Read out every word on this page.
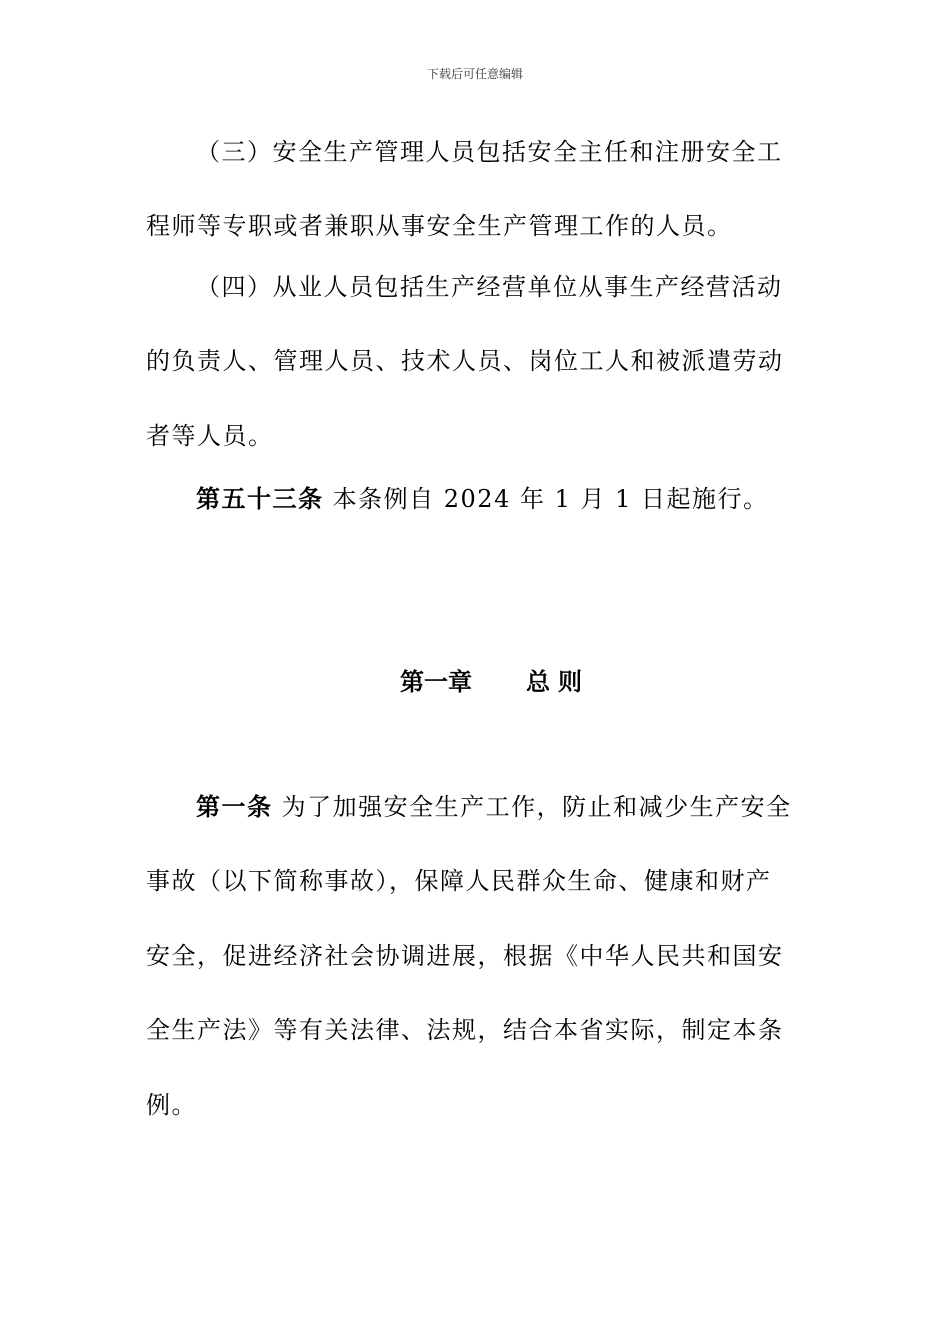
下载后可任意编辑
（三）安全生产管理人员包括安全主任和注册安全工
程师等专职或者兼职从事安全生产管理工作的人员。
（四）从业人员包括生产经营单位从事生产经营活动
的负责人、管理人员、技术人员、岗位工人和被派遣劳动
者等人员。
第五十三条 本条例自 2024 年 1 月 1 日起施行。
第一章 总则
第一条 为了加强安全生产工作，防止和减少生产安全
事故（以下简称事故），保障人民群众生命、健康和财产
安全，促进经济社会协调进展，根据《中华人民共和国安
全生产法》等有关法律、法规，结合本省实际，制定本条
例。
